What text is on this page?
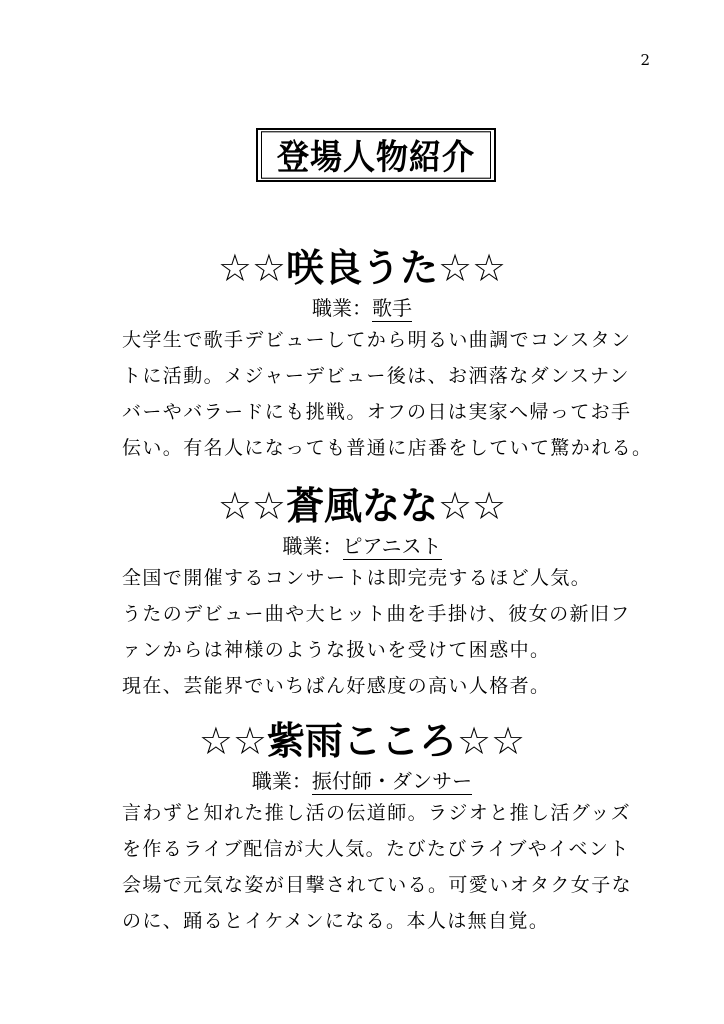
2
登場人物紹介
☆☆咲良うた☆☆
職業：歌手
大学生で歌手デビューしてから明るい曲調でコンスタン
トに活動。メジャーデビュー後は、お洒落なダンスナン
バーやバラードにも挑戦。オフの日は実家へ帰ってお手
伝い。有名人になっても普通に店番をしていて驚かれる。
☆☆蒼風なな☆☆
職業：ピアニスト
全国で開催するコンサートは即完売するほど人気。
うたのデビュー曲や大ヒット曲を手掛け、彼女の新旧フ
ァンからは神様のような扱いを受けて困惑中。
現在、芸能界でいちばん好感度の高い人格者。
☆☆紫雨こころ☆☆
職業：振付師・ダンサー
言わずと知れた推し活の伝道師。ラジオと推し活グッズ
を作るライブ配信が大人気。たびたびライブやイベント
会場で元気な姿が目撃されている。可愛いオタク女子な
のに、踊るとイケメンになる。本人は無自覚。
